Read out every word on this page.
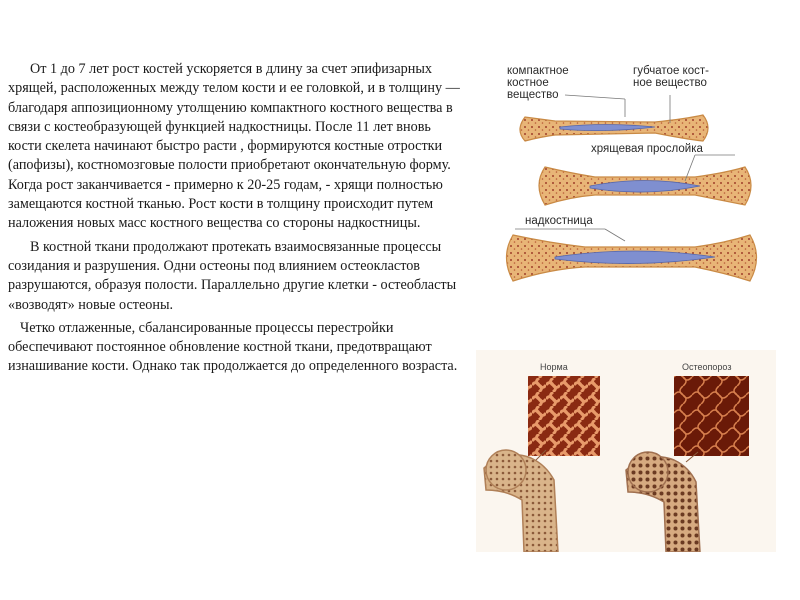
От 1 до 7 лет рост костей ускоряется в длину за счет эпифизарных хрящей, расположенных между телом кости и ее головкой, и в толщину — благодаря аппозиционному утолщению компактного костного вещества в связи с костеобразующей функцией надкостницы. После 11 лет вновь кости скелета начинают быстро расти , формируются костные отростки (апофизы), костномозговые полости приобретают окончательную форму. Когда рост заканчивается - примерно к 20-25 годам, - хрящи полностью замещаются костной тканью. Рост кости в толщину происходит путем наложения новых масс костного вещества со стороны надкостницы.

В костной ткани продолжают протекать взаимосвязанные процессы созидания и разрушения. Одни остеоны под влиянием остеокластов разрушаются, образуя полости. Параллельно другие клетки - остеобласты «возводят» новые остеоны.

Четко отлаженные, сбалансированные процессы перестройки обеспечивают постоянное обновление костной ткани, предотвращают изнашивание кости. Однако так продолжается до определенного возраста.

компактное
костное
вещество
губчатое кост-
ное вещество
хрящевая прослойка
надкостница
Норма	Остеопороз
